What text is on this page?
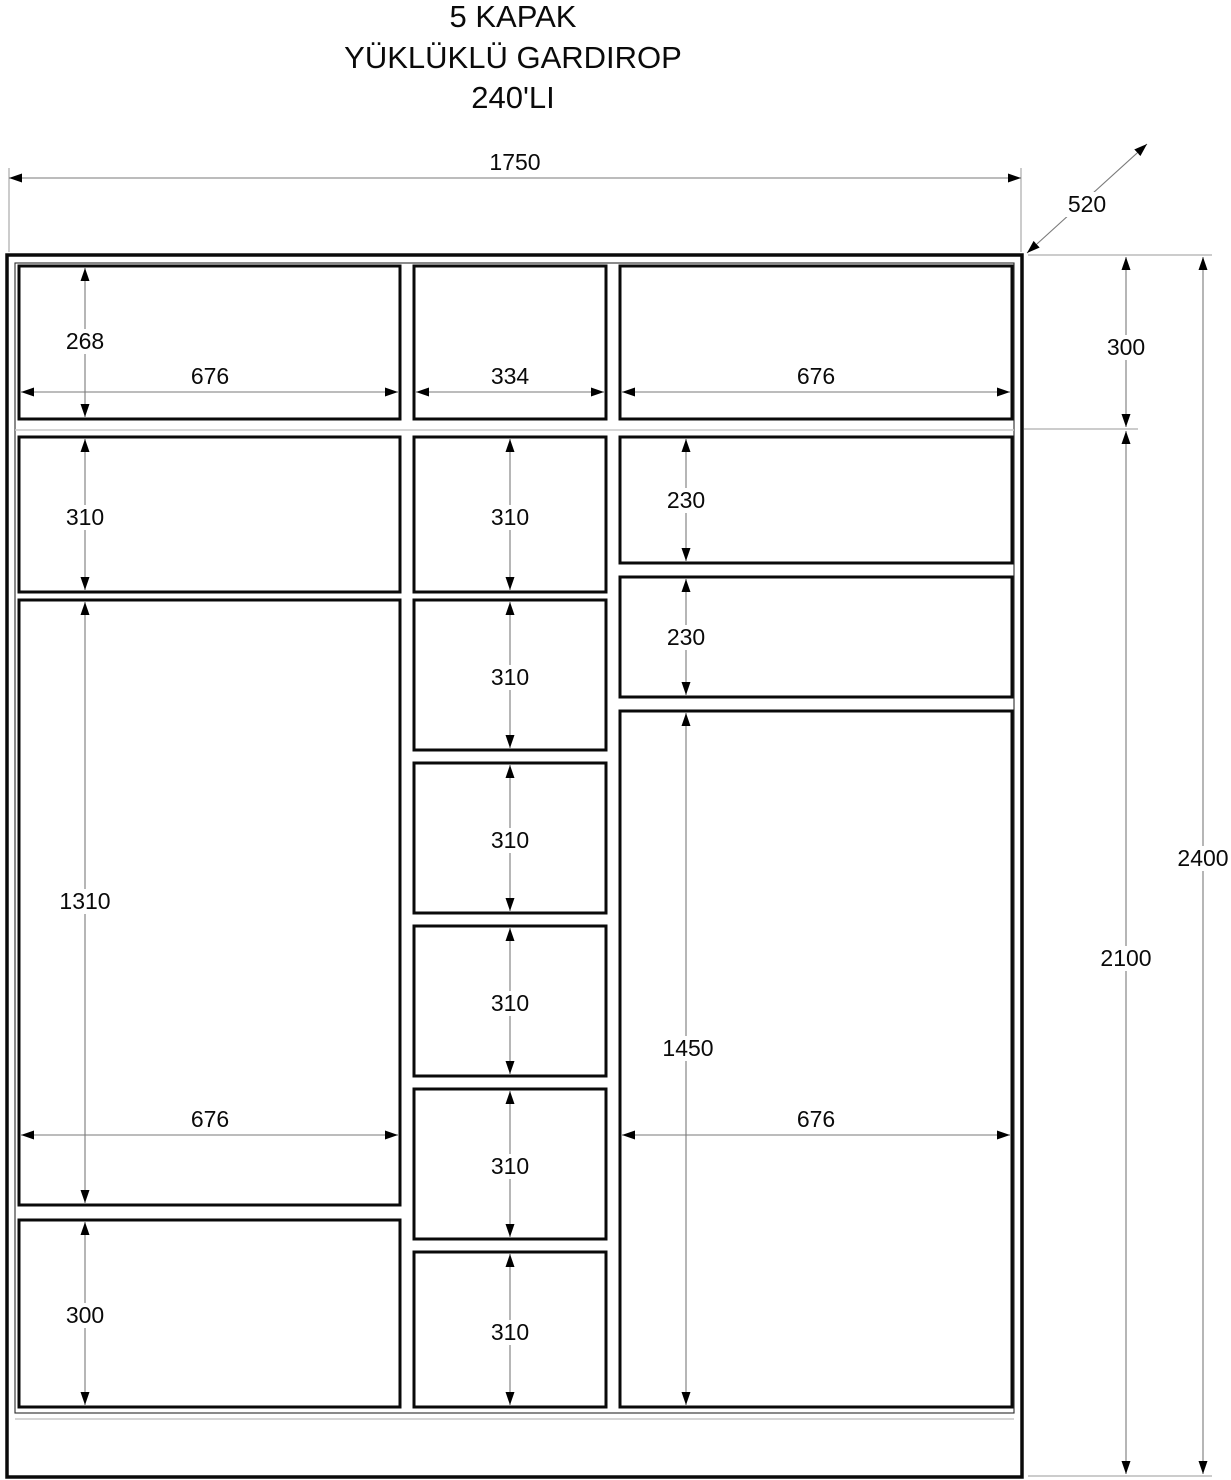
5 KAPAK
YÜKLÜKLÜ GARDIROP
240'LI
1750
520
300
2100
2400
268
676	334	676
310
1310
676
300
310
310
310
310
310
310
230
230
1450
676
